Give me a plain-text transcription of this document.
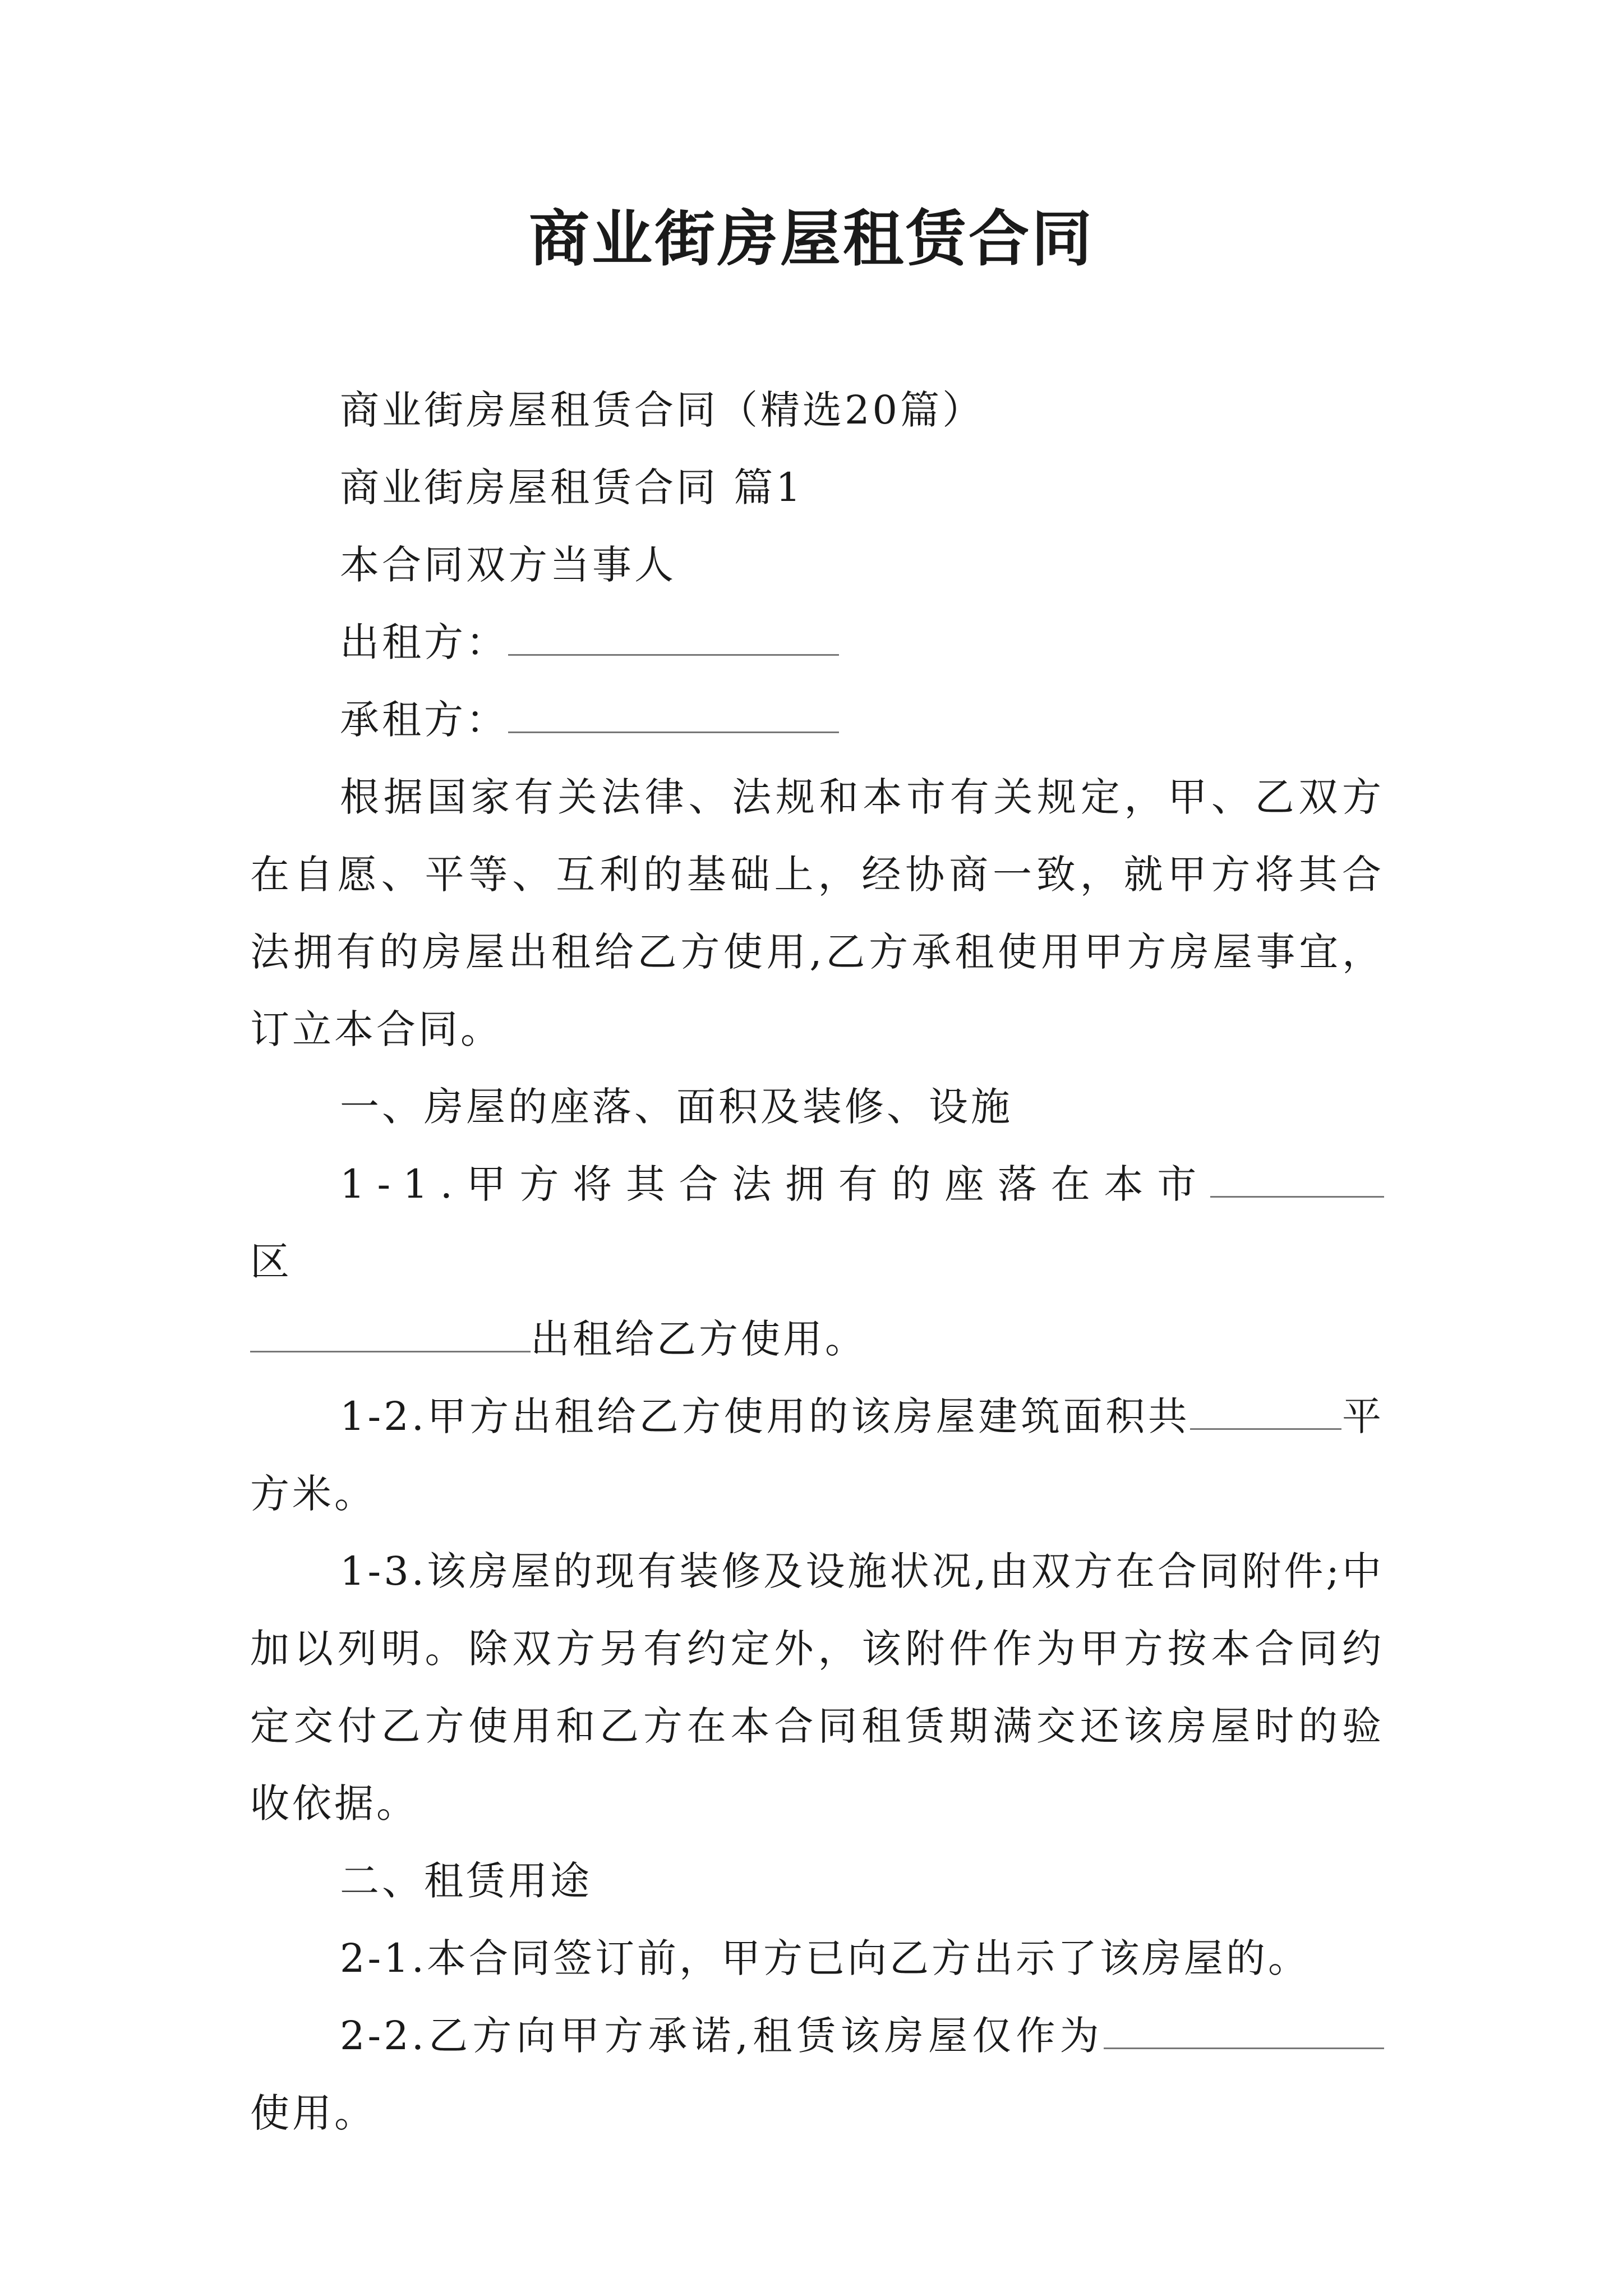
商业街房屋租赁合同

商业街房屋租赁合同（精选20篇）

商业街房屋租赁合同 篇1

本合同双方当事人

出租方：

承租方：

根据国家有关法律、法规和本市有关规定，甲、乙双方在自愿、平等、互利的基础上，经协商一致，就甲方将其合法拥有的房屋出租给乙方使用,乙方承租使用甲方房屋事宜，订立本合同。

一、房屋的座落、面积及装修、设施

1-1.甲方将其合法拥有的座落在本市区

出租给乙方使用。

1-2.甲方出租给乙方使用的该房屋建筑面积共	平方米。

1-3.该房屋的现有装修及设施状况,由双方在合同附件;中加以列明。除双方另有约定外，该附件作为甲方按本合同约定交付乙方使用和乙方在本合同租赁期满交还该房屋时的验收依据。

二、租赁用途

2-1.本合同签订前，甲方已向乙方出示了该房屋的。

2-2.乙方向甲方承诺,租赁该房屋仅作为使用。
